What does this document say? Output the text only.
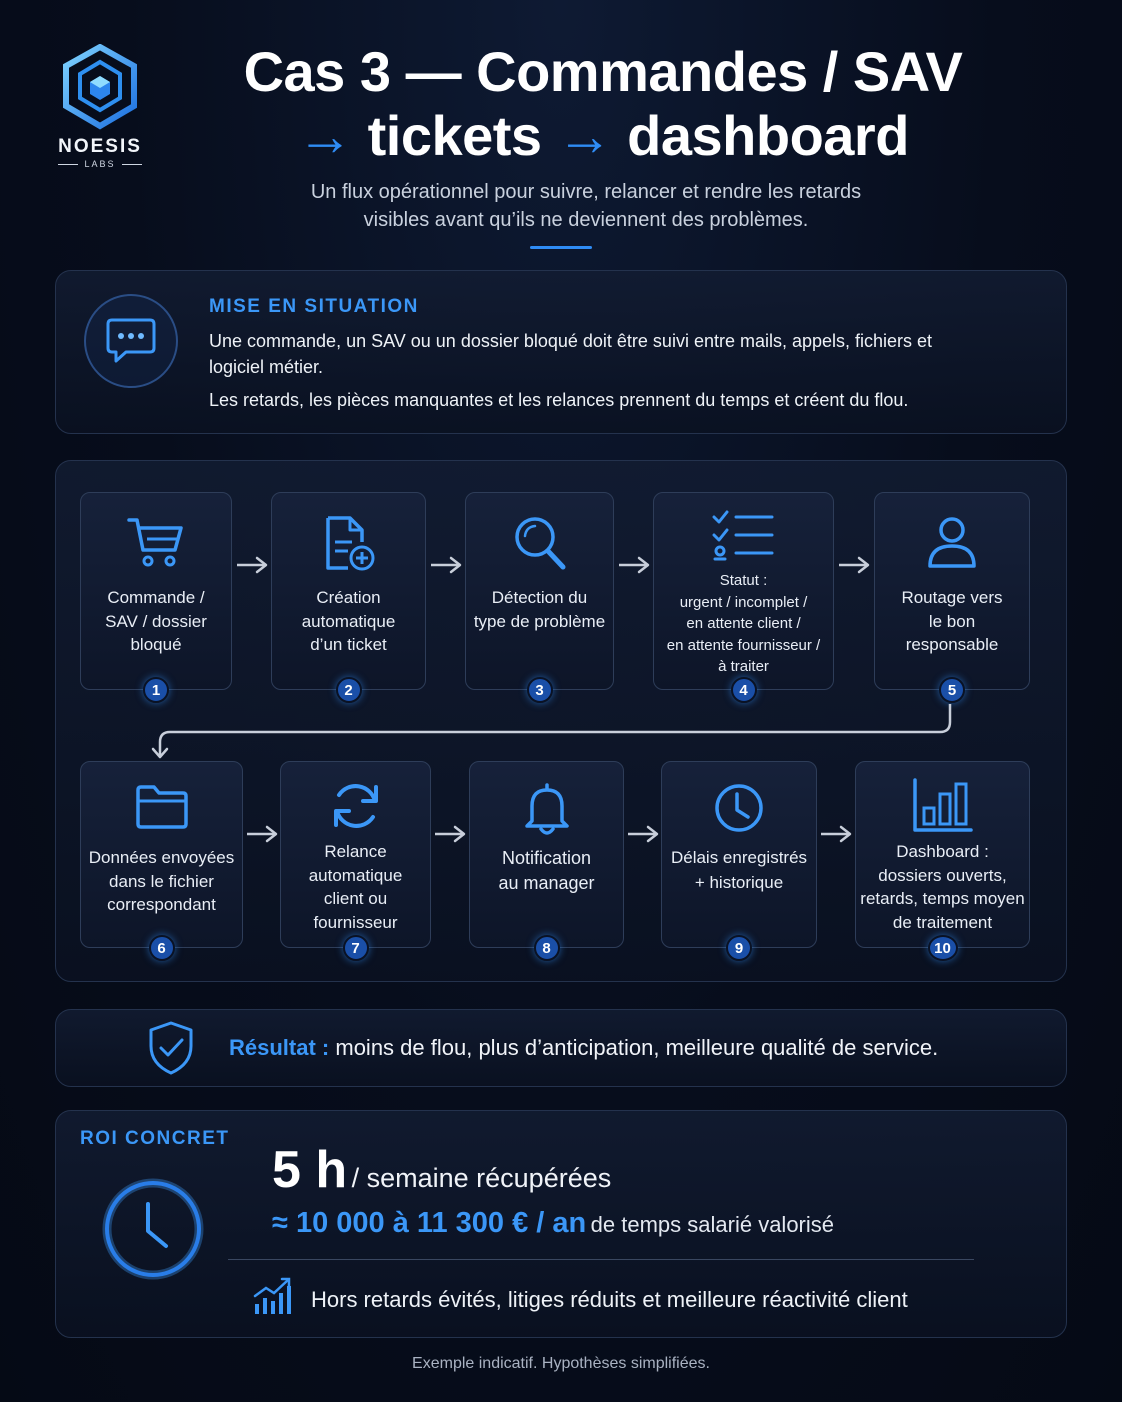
NOESIS
LABS
Cas 3 — Commandes / SAV
→ tickets → dashboard
Un flux opérationnel pour suivre, relancer et rendre les retards
visibles avant qu’ils ne deviennent des problèmes.
MISE EN SITUATION
Une commande, un SAV ou un dossier bloqué doit être suivi entre mails, appels, fichiers et logiciel métier.
Les retards, les pièces manquantes et les relances prennent du temps et créent du flou.
Commande /
SAV / dossier
bloqué
1
Création
automatique
d’un ticket
2
Détection du
type de problème
3
Statut :
urgent / incomplet /
en attente client /
en attente fournisseur /
à traiter
4
Routage vers
le bon
responsable
5
Données envoyées
dans le fichier
correspondant
6
Relance
automatique
client ou
fournisseur
7
Notification
au manager
8
Délais enregistrés
+ historique
9
Dashboard :
dossiers ouverts,
retards, temps moyen
de traitement
10
Résultat : moins de flou, plus d’anticipation, meilleure qualité de service.
ROI CONCRET
5 h / semaine récupérées
≈ 10 000 à 11 300 € / an de temps salarié valorisé
Hors retards évités, litiges réduits et meilleure réactivité client
Exemple indicatif. Hypothèses simplifiées.
